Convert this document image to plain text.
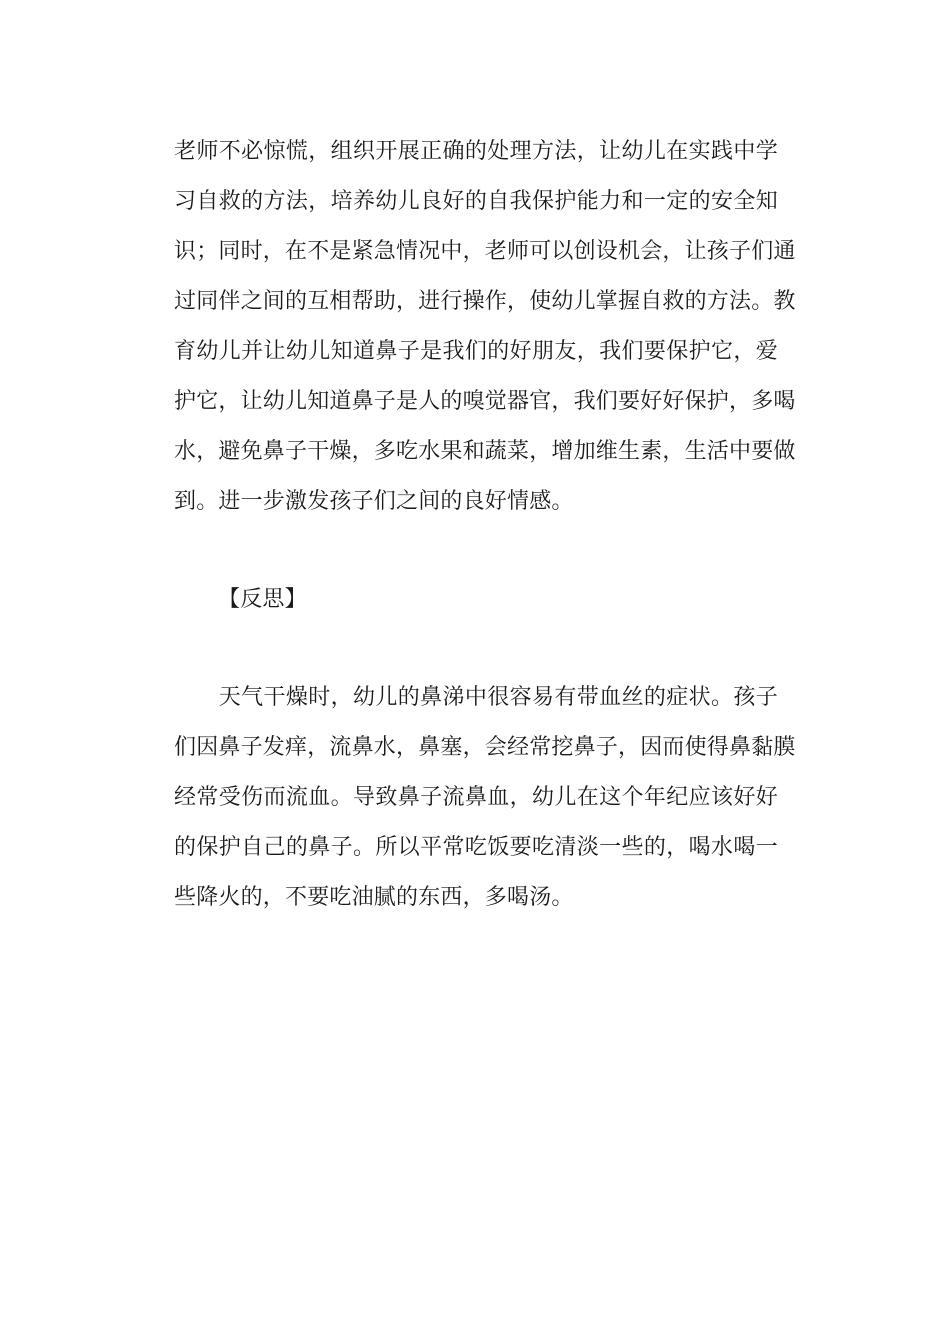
老师不必惊慌，组织开展正确的处理方法，让幼儿在实践中学
习自救的方法，培养幼儿良好的自我保护能力和一定的安全知
识；同时，在不是紧急情况中，老师可以创设机会，让孩子们通
过同伴之间的互相帮助，进行操作，使幼儿掌握自救的方法。教
育幼儿并让幼儿知道鼻子是我们的好朋友，我们要保护它，爱
护它，让幼儿知道鼻子是人的嗅觉器官，我们要好好保护，多喝
水，避免鼻子干燥，多吃水果和蔬菜，增加维生素，生活中要做
到。进一步激发孩子们之间的良好情感。
【反思】
　　天气干燥时，幼儿的鼻涕中很容易有带血丝的症状。孩子
们因鼻子发痒，流鼻水，鼻塞，会经常挖鼻子，因而使得鼻黏膜
经常受伤而流血。导致鼻子流鼻血，幼儿在这个年纪应该好好
的保护自己的鼻子。所以平常吃饭要吃清淡一些的，喝水喝一
些降火的，不要吃油腻的东西，多喝汤。
